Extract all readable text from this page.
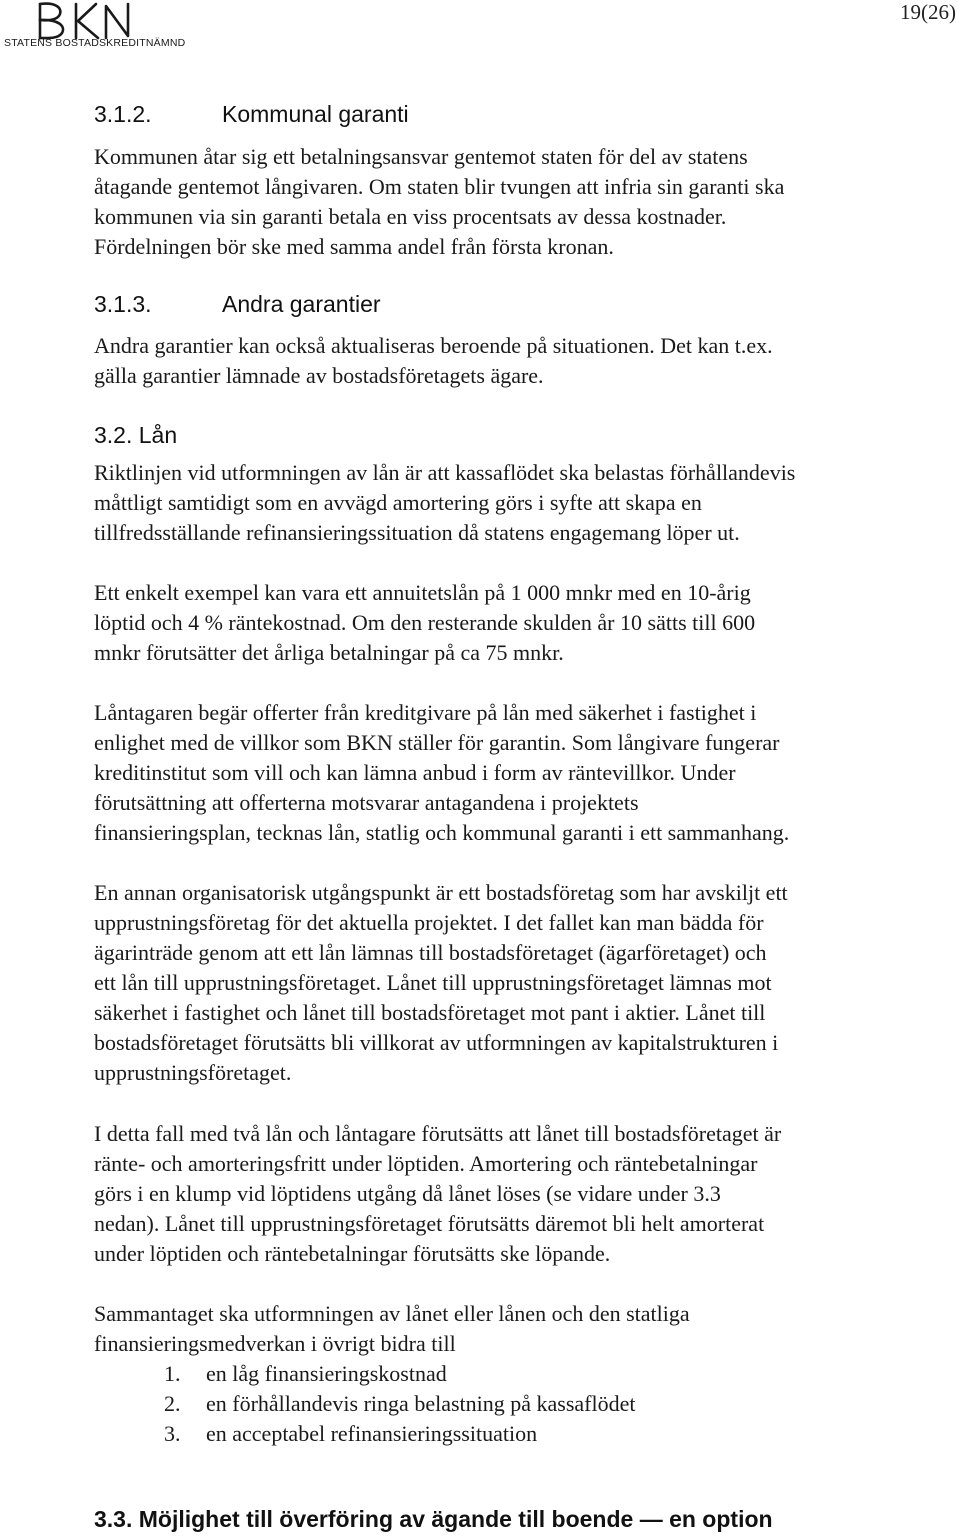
STATENS BOSTADSKREDITNÄMND
19(26)
3.1.2.	Kommunal garanti
Kommunen åtar sig ett betalningsansvar gentemot staten för del av statens
åtagande gentemot långivaren. Om staten blir tvungen att infria sin garanti ska
kommunen via sin garanti betala en viss procentsats av dessa kostnader.
Fördelningen bör ske med samma andel från första kronan.
3.1.3.	Andra garantier
Andra garantier kan också aktualiseras beroende på situationen. Det kan t.ex.
gälla garantier lämnade av bostadsföretagets ägare.
3.2. Lån
Riktlinjen vid utformningen av lån är att kassaflödet ska belastas förhållandevis
måttligt samtidigt som en avvägd amortering görs i syfte att skapa en
tillfredsställande refinansieringssituation då statens engagemang löper ut.
Ett enkelt exempel kan vara ett annuitetslån på 1 000 mnkr med en 10-årig
löptid och 4 % räntekostnad. Om den resterande skulden år 10 sätts till 600
mnkr förutsätter det årliga betalningar på ca 75 mnkr.
Låntagaren begär offerter från kreditgivare på lån med säkerhet i fastighet i
enlighet med de villkor som BKN ställer för garantin. Som långivare fungerar
kreditinstitut som vill och kan lämna anbud i form av räntevillkor. Under
förutsättning att offerterna motsvarar antagandena i projektets
finansieringsplan, tecknas lån, statlig och kommunal garanti i ett sammanhang.
En annan organisatorisk utgångspunkt är ett bostadsföretag som har avskiljt ett
upprustningsföretag för det aktuella projektet. I det fallet kan man bädda för
ägarinträde genom att ett lån lämnas till bostadsföretaget (ägarföretaget) och
ett lån till upprustningsföretaget. Lånet till upprustningsföretaget lämnas mot
säkerhet i fastighet och lånet till bostadsföretaget mot pant i aktier. Lånet till
bostadsföretaget förutsätts bli villkorat av utformningen av kapitalstrukturen i
upprustningsföretaget.
I detta fall med två lån och låntagare förutsätts att lånet till bostadsföretaget är
ränte- och amorteringsfritt under löptiden. Amortering och räntebetalningar
görs i en klump vid löptidens utgång då lånet löses (se vidare under 3.3
nedan). Lånet till upprustningsföretaget förutsätts däremot bli helt amorterat
under löptiden och räntebetalningar förutsätts ske löpande.
Sammantaget ska utformningen av lånet eller lånen och den statliga
finansieringsmedverkan i övrigt bidra till
1. en låg finansieringskostnad
2. en förhållandevis ringa belastning på kassaflödet
3. en acceptabel refinansieringssituation
3.3. Möjlighet till överföring av ägande till boende — en option
